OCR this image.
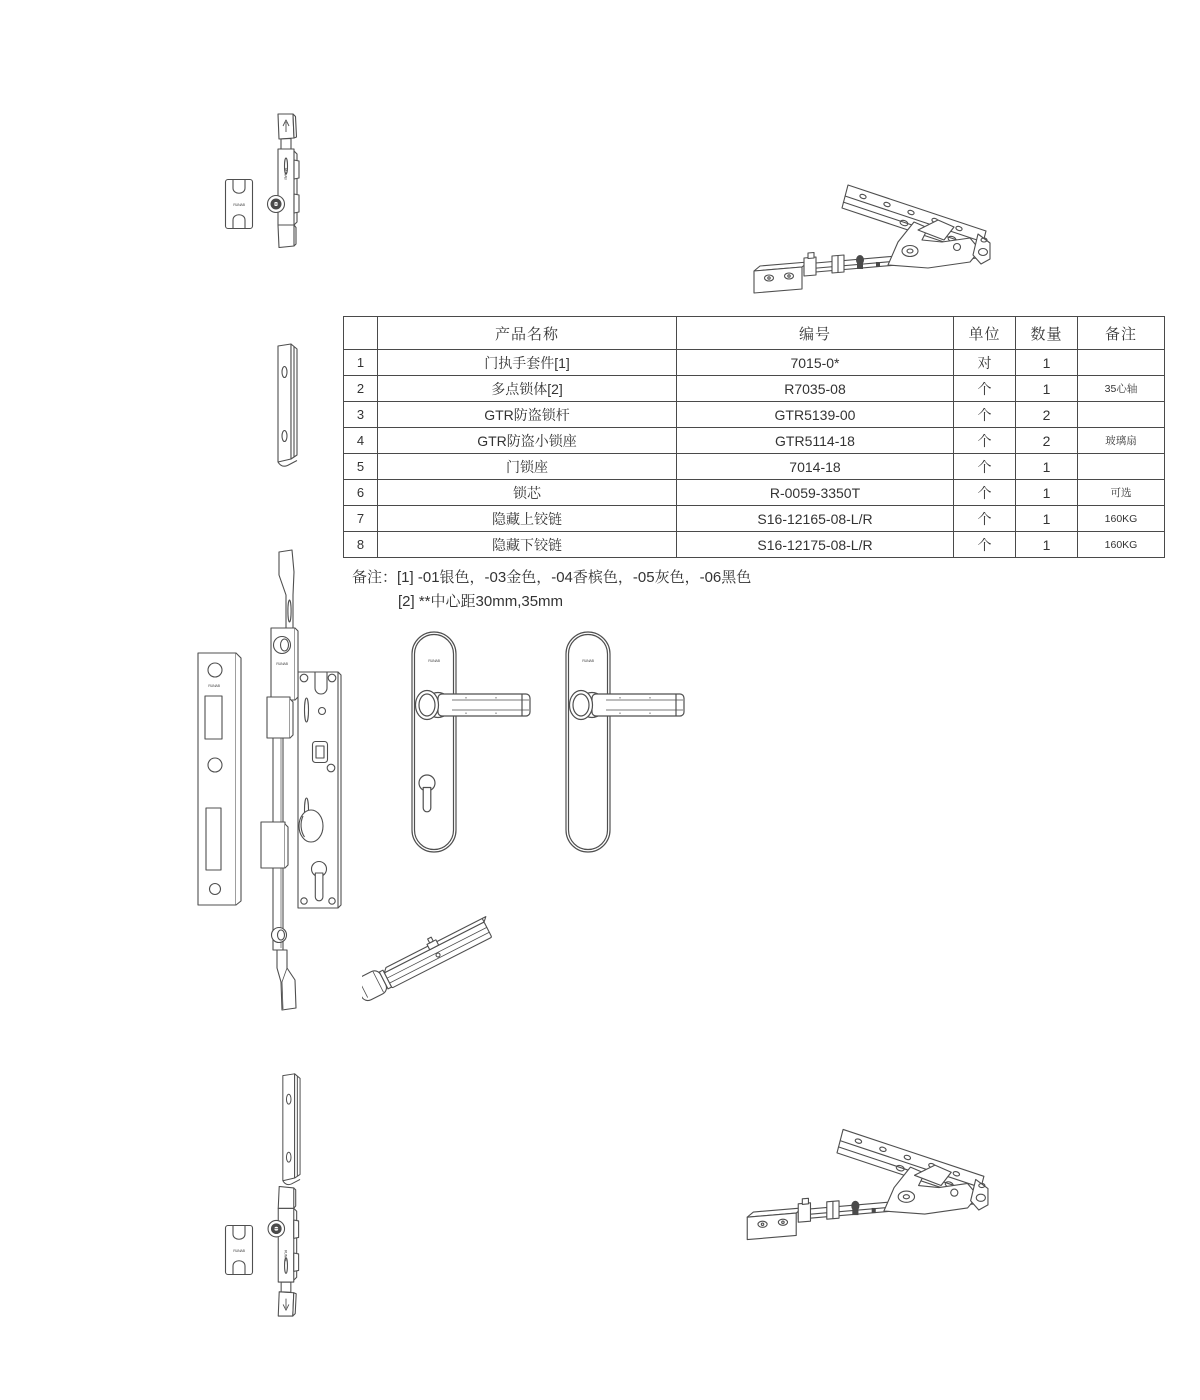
RUNAB
RUNAB
	产品名称	编号	单位	数量	备注
1	门执手套件[1]	7015-0*	对	1	
2	多点锁体[2]	R7035-08	个	1	35心轴
3	GTR防盗锁杆	GTR5139-00	个	2	
4	GTR防盗小锁座	GTR5114-18	个	2	玻璃扇
5	门锁座	7014-18	个	1	
6	锁芯	R-0059-3350T	个	1	可选
7	隐藏上铰链	S16-12165-08-L/R	个	1	160KG
8	隐藏下铰链	S16-12175-08-L/R	个	1	160KG
备注： [1] -01银色，-03金色，-04香槟色，-05灰色，-06黑色
[2] **中心距30mm,35mm
RUNAB
RUNAB
RUNAB	RUNAB
RUNAB	RUNAB
